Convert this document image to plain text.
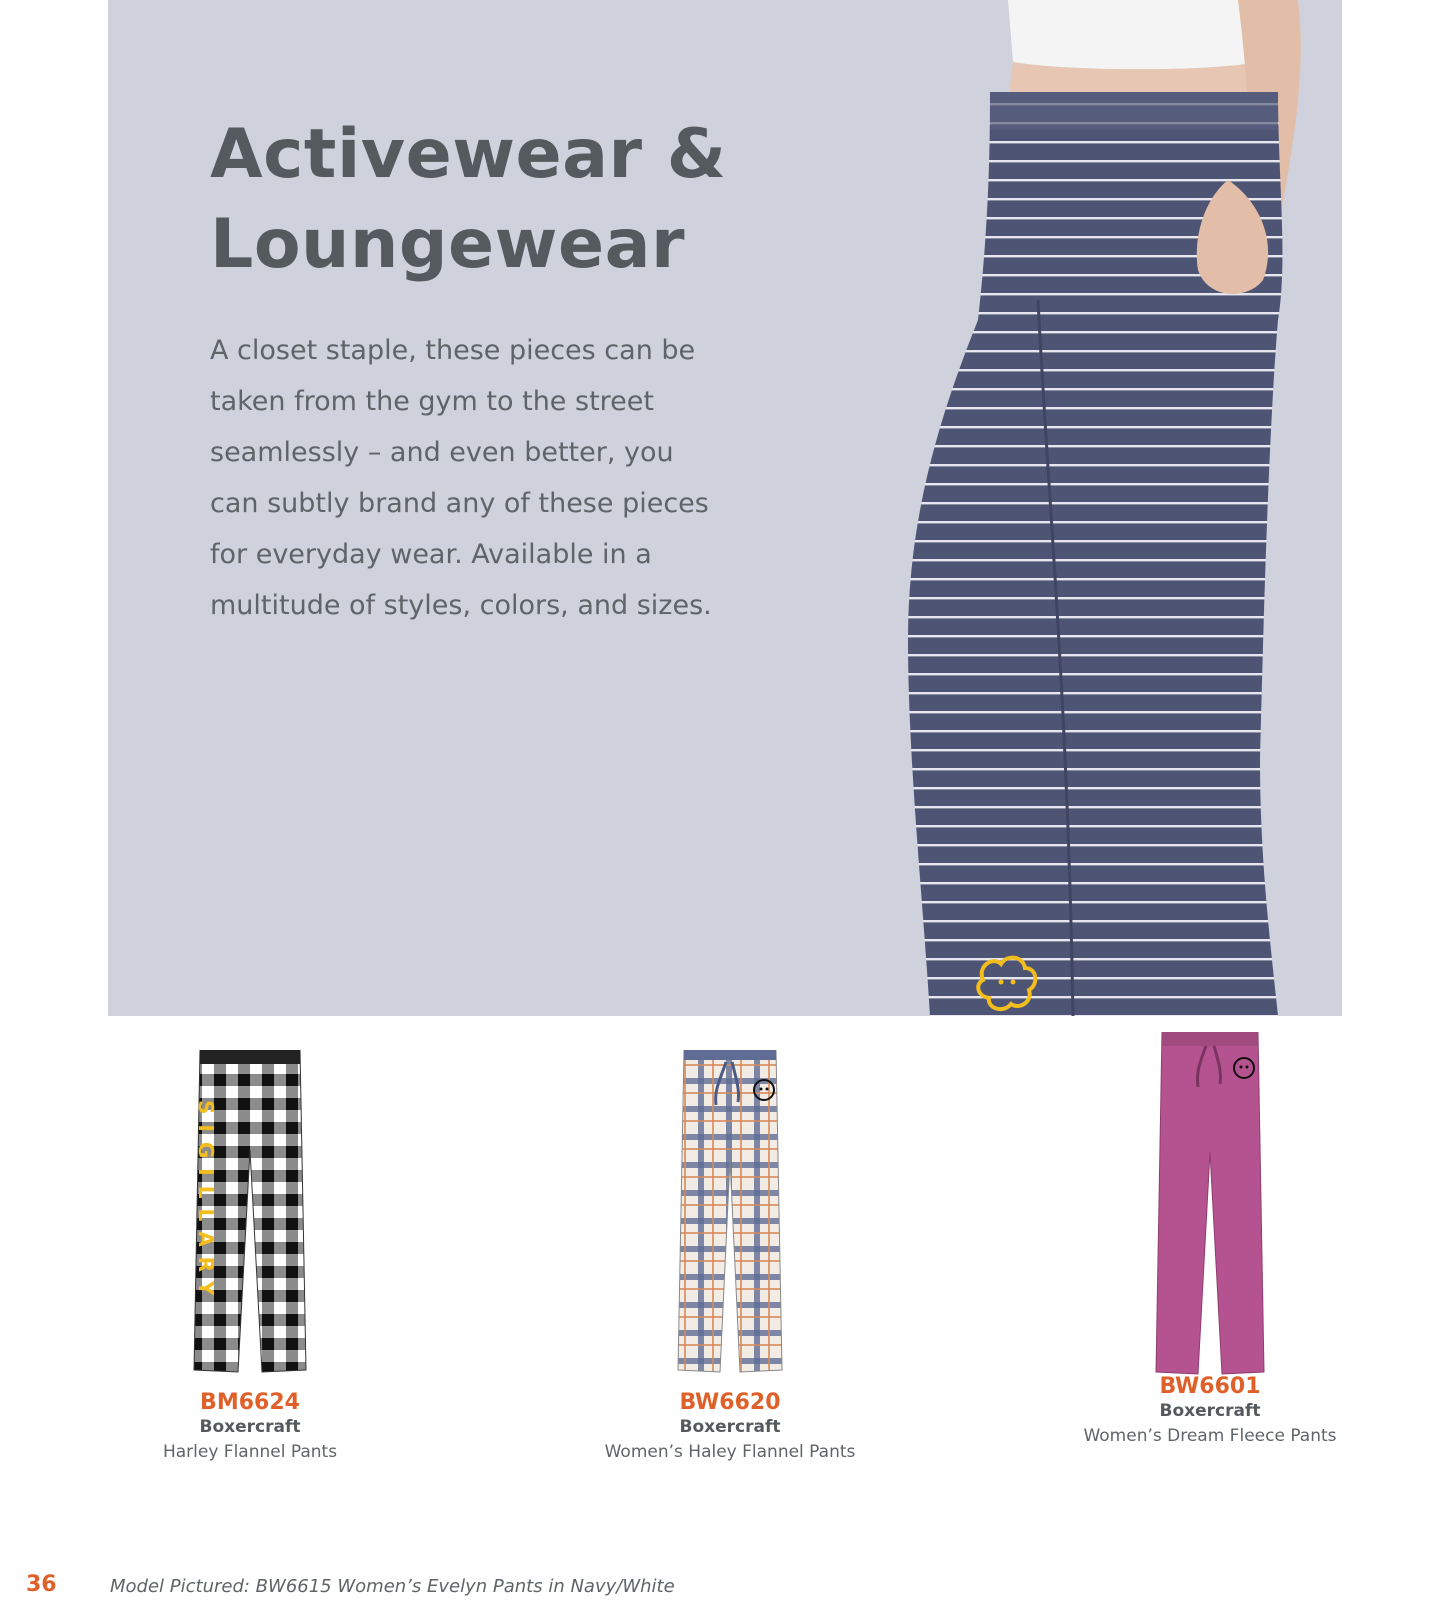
Activewear &
Loungewear

A closet staple, these pieces can be taken from the gym to the street seamlessly – and even better, you can subtly brand any of these pieces for everyday wear. Available in a multitude of styles, colors, and sizes.

SIGILLARY
BM6624
Boxercraft
Harley Flannel Pants
BW6620
Boxercraft
Women’s Haley Flannel Pants
BW6601
Boxercraft
Women’s Dream Fleece Pants
36	Model Pictured: BW6615 Women’s Evelyn Pants in Navy/White
